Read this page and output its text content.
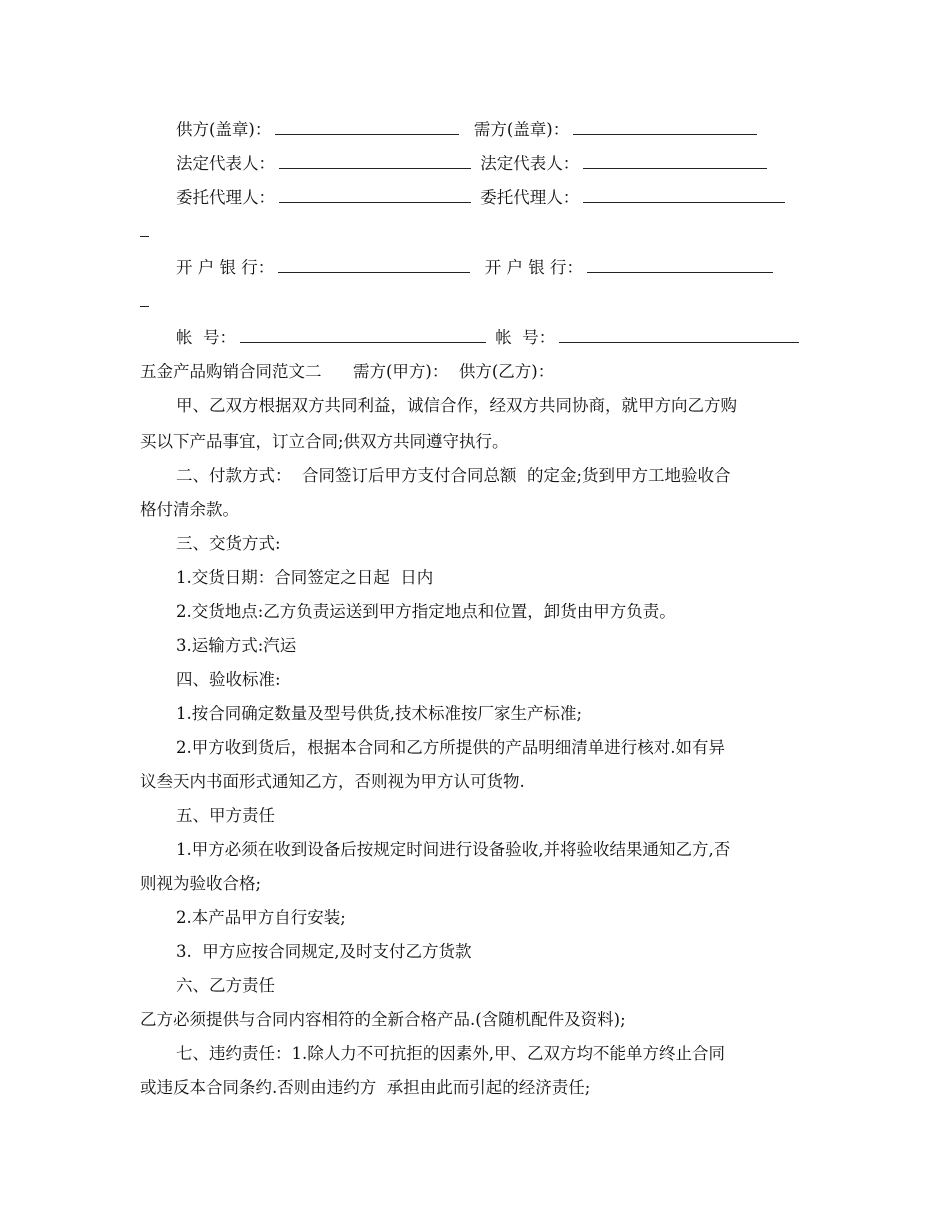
供方(盖章)：	需方(盖章)：
法定代表人：	法定代表人：
委托代理人：	委托代理人：
开 户 银 行：	开 户 银 行：
帐  号：	帐  号：
五金产品购销合同范文二 需方(甲方)： 供方(乙方)：
甲、乙双方根据双方共同利益，诚信合作，经双方共同协商，就甲方向乙方购
买以下产品事宜，订立合同;供双方共同遵守执行。
二、付款方式：  合同签订后甲方支付合同总额  的定金;货到甲方工地验收合
格付清余款。
三、交货方式:
1.交货日期：合同签定之日起  日内
2.交货地点:乙方负责运送到甲方指定地点和位置，卸货由甲方负责。
3.运输方式:汽运
四、验收标准:
1.按合同确定数量及型号供货,技术标准按厂家生产标准;
2.甲方收到货后，根据本合同和乙方所提供的产品明细清单进行核对.如有异
议叁天内书面形式通知乙方，否则视为甲方认可货物.
五、甲方责任
1.甲方必须在收到设备后按规定时间进行设备验收,并将验收结果通知乙方,否
则视为验收合格;
2.本产品甲方自行安装;
3.  甲方应按合同规定,及时支付乙方货款
六、乙方责任
乙方必须提供与合同内容相符的全新合格产品.(含随机配件及资料);
七、违约责任：1.除人力不可抗拒的因素外,甲、乙双方均不能单方终止合同
或违反本合同条约.否则由违约方  承担由此而引起的经济责任;
